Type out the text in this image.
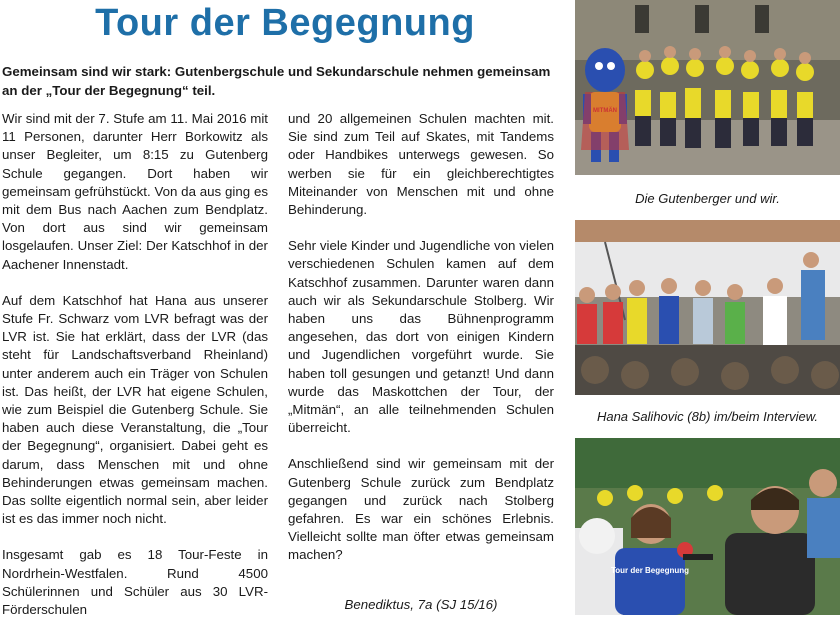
Tour der Begegnung
Gemeinsam sind wir stark: Gutenbergschule und Sekundarschule nehmen gemeinsam an der „Tour der Begegnung“ teil.

Wir sind mit der 7. Stufe am 11. Mai 2016 mit 11 Personen, darunter Herr Borkowitz als unser Begleiter, um 8:15 zu Gutenberg Schule gegangen. Dort haben wir gemeinsam gefrühstückt. Von da aus ging es mit dem Bus nach Aachen zum Bendplatz. Von dort aus sind wir gemeinsam losgelaufen. Unser Ziel: Der Katschhof in der Aachener Innenstadt.

Auf dem Katschhof hat Hana aus unserer Stufe Fr. Schwarz vom LVR befragt was der LVR ist. Sie hat erklärt, dass der LVR (das steht für Landschaftsverband Rheinland) unter anderem auch ein Träger von Schulen ist. Das heißt, der LVR hat eigene Schulen, wie zum Beispiel die Gutenberg Schule. Sie haben auch diese Veranstaltung, die „Tour der Begegnung“, organisiert. Dabei geht es darum, dass Menschen mit und ohne Behinderungen etwas gemeinsam machen. Das sollte eigentlich normal sein, aber leider ist es das immer noch nicht.

Insgesamt gab es 18 Tour-Feste in Nordrhein-Westfalen. Rund 4500 Schülerinnen und Schüler aus 30 LVR-Förderschulen

und 20 allgemeinen Schulen machten mit. Sie sind zum Teil auf Skates, mit Tandems oder Handbikes unterwegs gewesen. So werben sie für ein gleichberechtigtes Miteinander von Menschen mit und ohne Behinderung.

Sehr viele Kinder und Jugendliche von vielen verschiedenen Schulen kamen auf dem Katschhof zusammen. Darunter waren dann auch wir als Sekundarschule Stolberg. Wir haben uns das Bühnenprogramm angesehen, das dort von einigen Kindern und Jugendlichen vorgeführt wurde. Sie haben toll gesungen und getanzt! Und dann wurde das Maskottchen der Tour, der „Mitmän“, an alle teilnehmenden Schulen überreicht.

Anschließend sind wir gemeinsam mit der Gutenberg Schule zurück zum Bendplatz gegangen und zurück nach Stolberg gefahren. Es war ein schönes Erlebnis. Vielleicht sollte man öfter etwas gemeinsam machen?

Benediktus, 7a (SJ 15/16)
MITMÄN
Die Gutenberger und wir.
Hana Salihovic (8b) im/beim Interview.
Tour der Begegnung
